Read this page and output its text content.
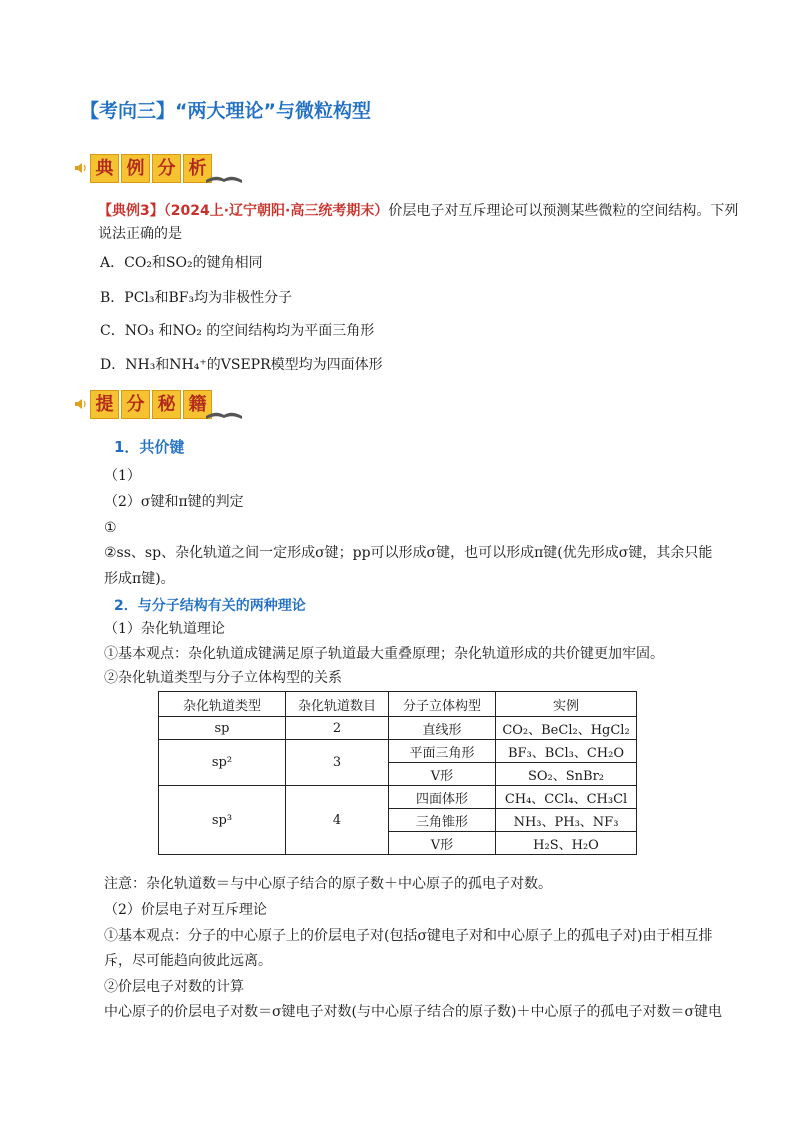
【考向三】“两大理论”与微粒构型
典 例 分 析
【典例3】（2024上·辽宁朝阳·高三统考期末）价层电子对互斥理论可以预测某些微粒的空间结构。下列
说法正确的是
A．CO₂和SO₂的键角相同
B．PCl₃和BF₃均为非极性分子
C．NO₃ 和NO₂ 的空间结构均为平面三角形
D．NH₃和NH₄⁺的VSEPR模型均为四面体形
提 分 秘 籍
1．共价键
（1）
（2）σ键和π键的判定
①
②ss、sp、杂化轨道之间一定形成σ键；pp可以形成σ键，也可以形成π键(优先形成σ键，其余只能
形成π键)。
2．与分子结构有关的两种理论
（1）杂化轨道理论
①基本观点：杂化轨道成键满足原子轨道最大重叠原理；杂化轨道形成的共价键更加牢固。
②杂化轨道类型与分子立体构型的关系
杂化轨道类型	杂化轨道数目	分子立体构型	实例
sp	2	直线形	CO₂、BeCl₂、HgCl₂
sp²	3	平面三角形	BF₃、BCl₃、CH₂O
		V形	SO₂、SnBr₂
sp³	4	四面体形	CH₄、CCl₄、CH₃Cl
		三角锥形	NH₃、PH₃、NF₃
		V形	H₂S、H₂O
注意：杂化轨道数＝与中心原子结合的原子数＋中心原子的孤电子对数。
（2）价层电子对互斥理论
①基本观点：分子的中心原子上的价层电子对(包括σ键电子对和中心原子上的孤电子对)由于相互排
斥，尽可能趋向彼此远离。
②价层电子对数的计算
中心原子的价层电子对数＝σ键电子对数(与中心原子结合的原子数)＋中心原子的孤电子对数＝σ键电
